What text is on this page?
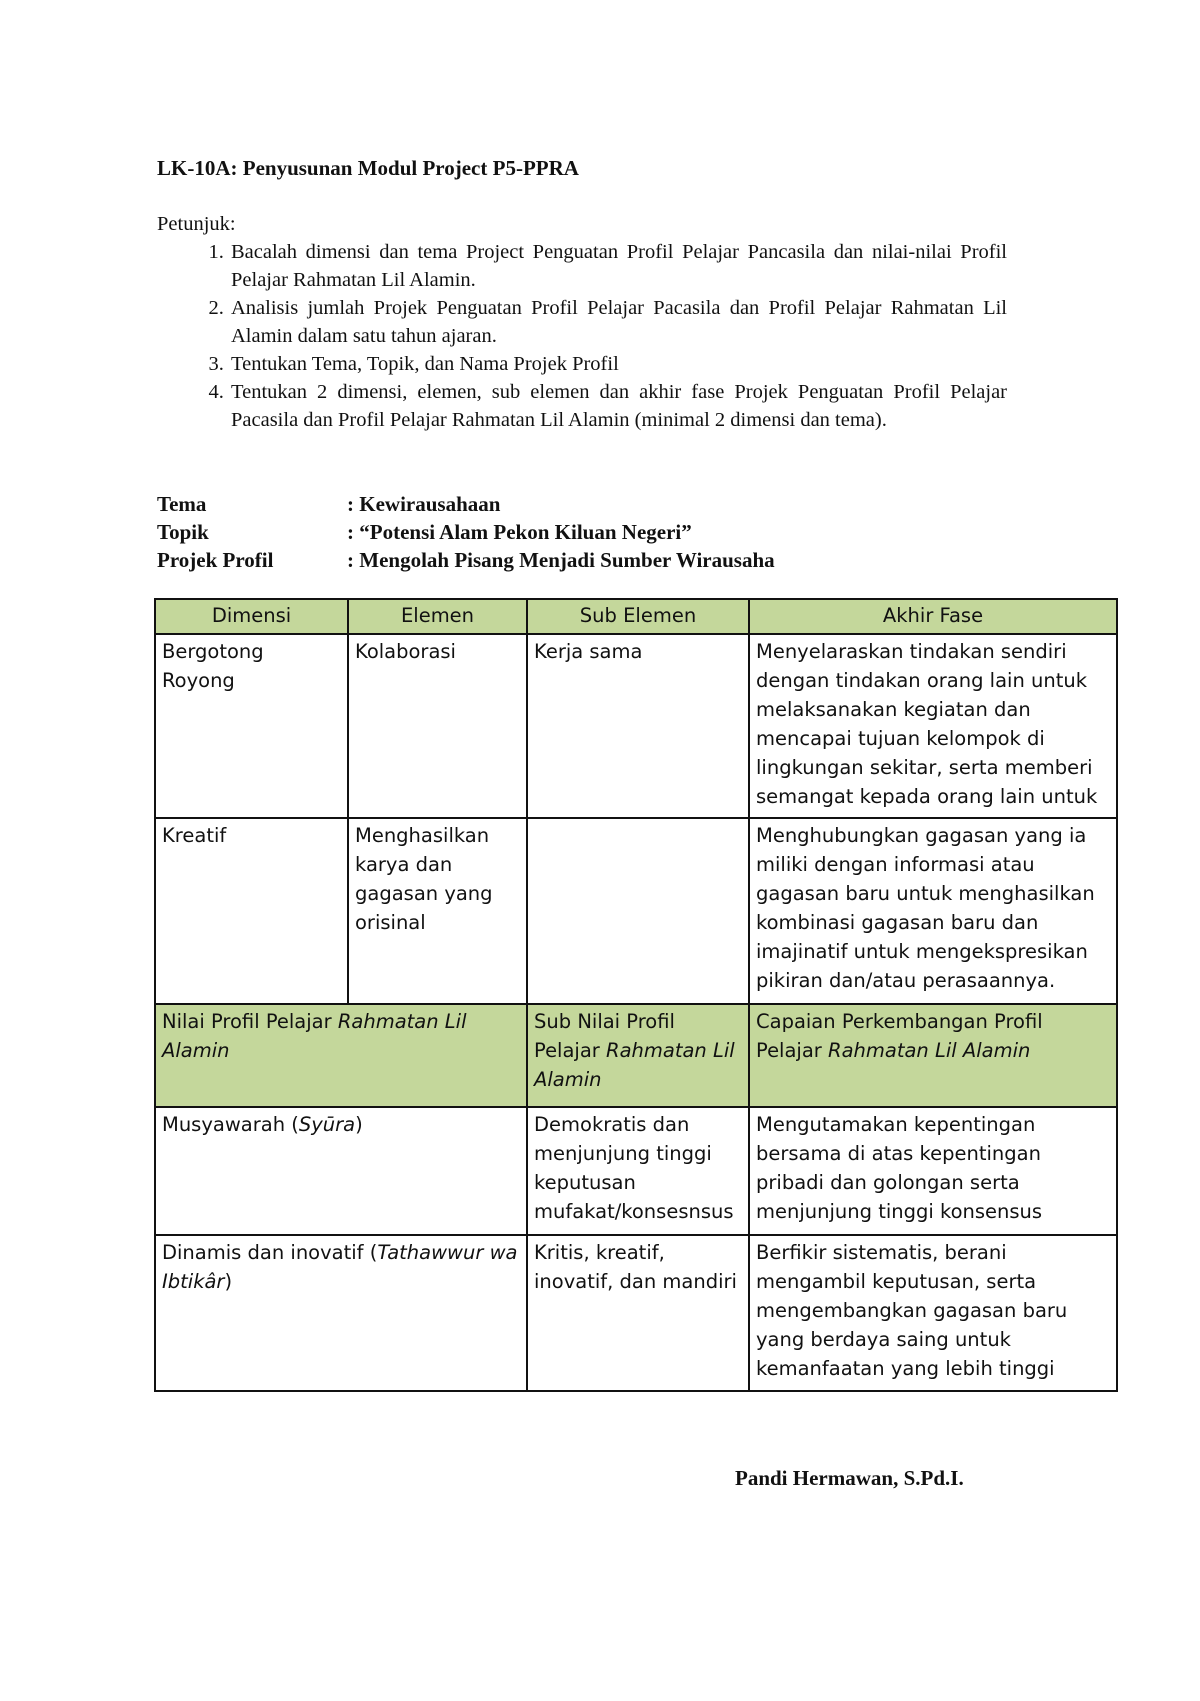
LK-10A: Penyusunan Modul Project P5-PPRA
Petunjuk:
1. Bacalah dimensi dan tema Project Penguatan Profil Pelajar Pancasila dan nilai-nilai Profil Pelajar Rahmatan Lil Alamin.
2. Analisis jumlah Projek Penguatan Profil Pelajar Pacasila dan Profil Pelajar Rahmatan Lil Alamin dalam satu tahun ajaran.
3. Tentukan Tema, Topik, dan Nama Projek Profil
4. Tentukan 2 dimensi, elemen, sub elemen dan akhir fase Projek Penguatan Profil Pelajar Pacasila dan Profil Pelajar Rahmatan Lil Alamin (minimal 2 dimensi dan tema).
Tema	: Kewirausahaan
Topik	: “Potensi Alam Pekon Kiluan Negeri”
Projek Profil	: Mengolah Pisang Menjadi Sumber Wirausaha
Dimensi	Elemen	Sub Elemen	Akhir Fase

Bergotong Royong	Kolaborasi	Kerja sama	Menyelaraskan tindakan sendiri dengan tindakan orang lain untuk melaksanakan kegiatan dan mencapai tujuan kelompok di lingkungan sekitar, serta memberi semangat kepada orang lain untuk

Kreatif	Menghasilkan karya dan gagasan yang orisinal		Menghubungkan gagasan yang ia miliki dengan informasi atau gagasan baru untuk menghasilkan kombinasi gagasan baru dan imajinatif untuk mengekspresikan pikiran dan/atau perasaannya.
Nilai Profil Pelajar Rahmatan Lil Alamin		Sub Nilai Profil Pelajar Rahmatan Lil Alamin	Capaian Perkembangan Profil Pelajar Rahmatan Lil Alamin
Musyawarah (Syūra)		Demokratis dan menjunjung tinggi keputusan mufakat/konsesnsus	Mengutamakan kepentingan bersama di atas kepentingan pribadi dan golongan serta menjunjung tinggi konsensus
Dinamis dan inovatif (Tathawwur wa Ibtikâr)		Kritis, kreatif, inovatif, dan mandiri	Berfikir sistematis, berani mengambil keputusan, serta mengembangkan gagasan baru yang berdaya saing untuk kemanfaatan yang lebih tinggi
Pandi Hermawan, S.Pd.I.
